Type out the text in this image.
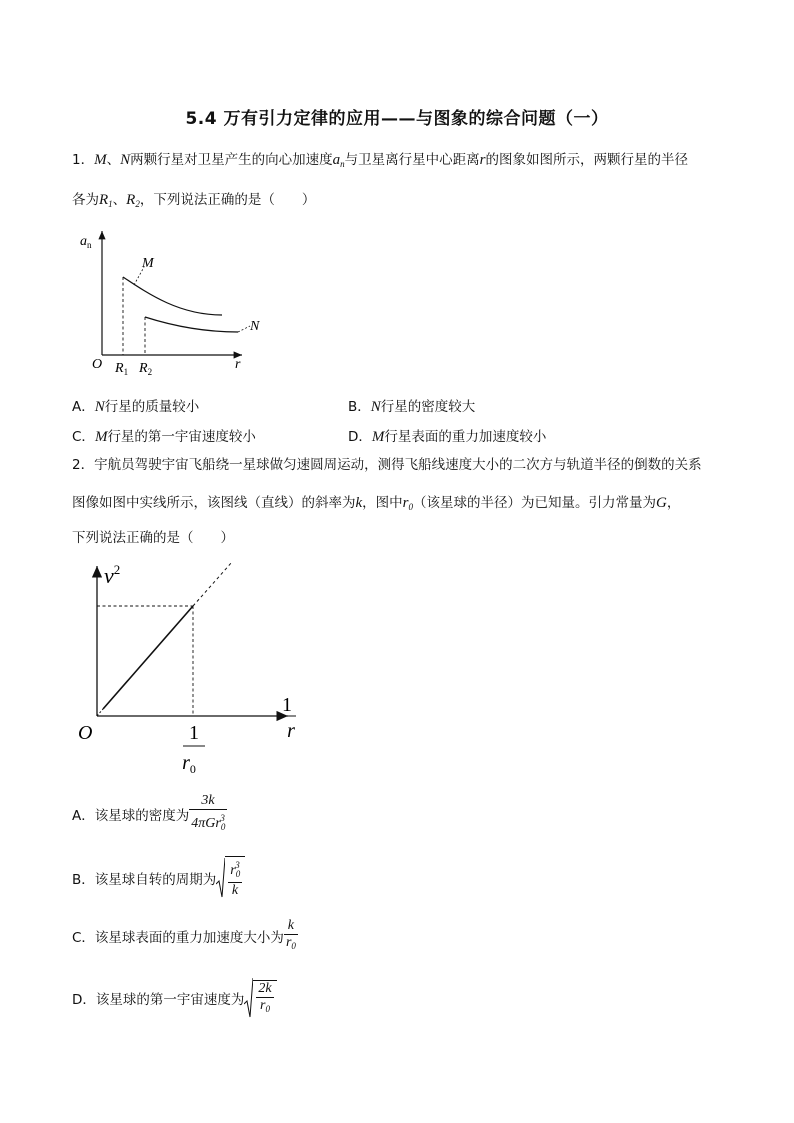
5.4 万有引力定律的应用——与图象的综合问题（一）
1．M、N两颗行星对卫星产生的向心加速度$a_n$与卫星离行星中心距离r的图象如图所示，两颗行星的半径
各为$R_1$、$R_2$，下列说法正确的是（　　）
$a_n$
O	r
M
N
$R_1$ $R_2$
A．N行星的质量较小	B．N行星的密度较大
C．M行星的第一宇宙速度较小	D．M行星表面的重力加速度较小
2．宇航员驾驶宇宙飞船绕一星球做匀速圆周运动，测得飞船线速度大小的二次方与轨道半径的倒数的关系
图像如图中实线所示，该图线（直线）的斜率为k，图中$r_0$（该星球的半径）为已知量。引力常量为G，
下列说法正确的是（　　）
$v^2$
O
1
r
1
$r_0$
A．该星球的密度为 $\frac{3k}{4\pi Gr_0^3}$
B．该星球自转的周期为 $\frac{r_0^3}{k}$
C．该星球表面的重力加速度大小为 $\frac{k}{r_0}$
D．该星球的第一宇宙速度为 $\frac{2k}{r_0}$
